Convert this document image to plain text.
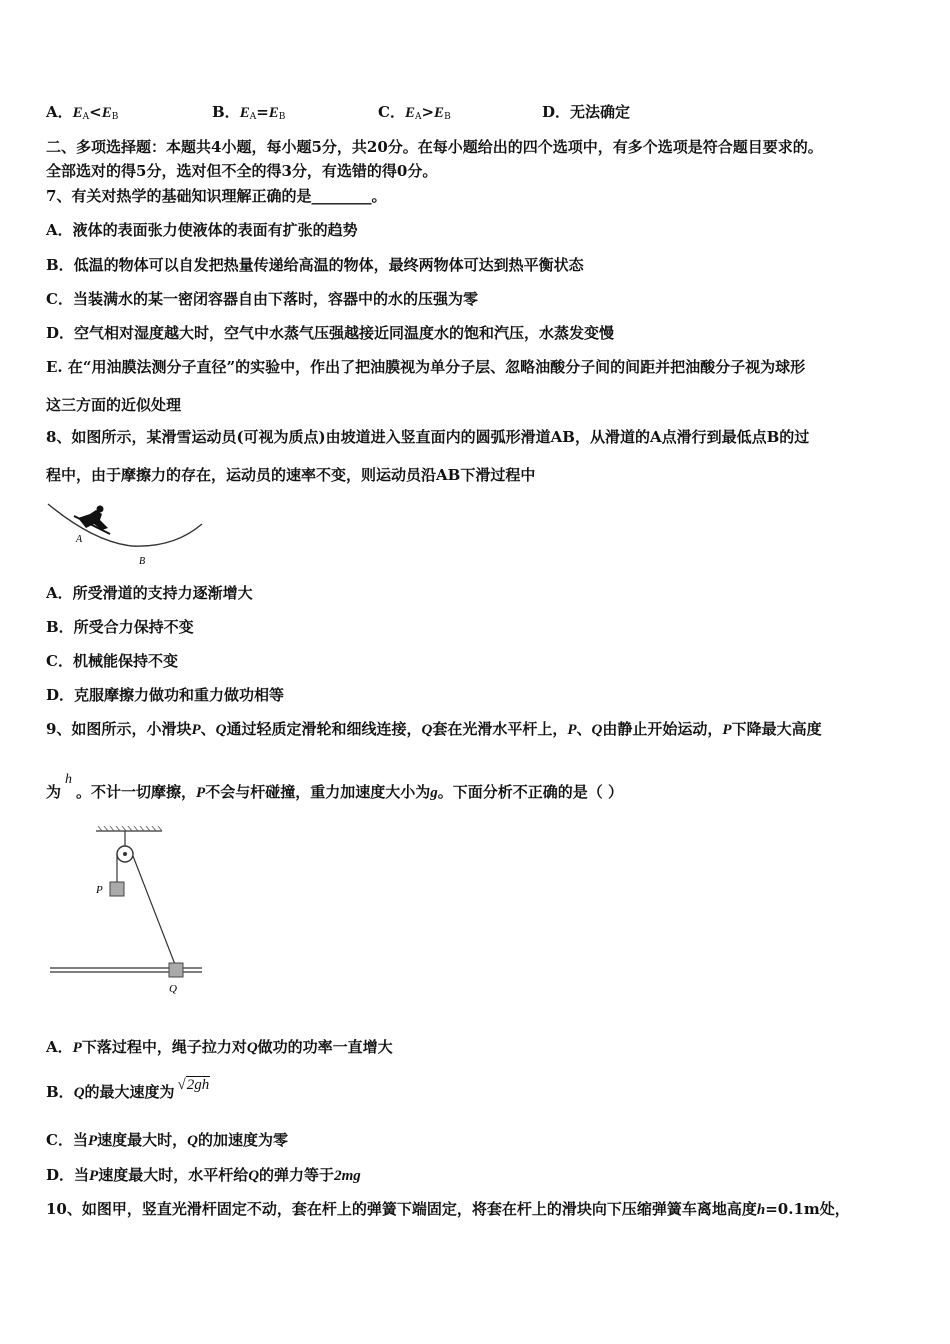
A．$E_A<E_B$	B．$E_A=E_B$	C．$E_A>E_B$	D．无法确定
二、多项选择题：本题共4小题，每小题5分，共20分。在每小题给出的四个选项中，有多个选项是符合题目要求的。
全部选对的得5分，选对但不全的得3分，有选错的得0分。
7、有关对热学的基础知识理解正确的是________。
A．液体的表面张力使液体的表面有扩张的趋势
B．低温的物体可以自发把热量传递给高温的物体，最终两物体可达到热平衡状态
C．当装满水的某一密闭容器自由下落时，容器中的水的压强为零
D．空气相对湿度越大时，空气中水蒸气压强越接近同温度水的饱和汽压，水蒸发变慢
E. 在“用油膜法测分子直径”的实验中，作出了把油膜视为单分子层、忽略油酸分子间的间距并把油酸分子视为球形
这三方面的近似处理
8、如图所示，某滑雪运动员(可视为质点)由坡道进入竖直面内的圆弧形滑道AB，从滑道的A点滑行到最低点B的过
程中，由于摩擦力的存在，运动员的速率不变，则运动员沿AB下滑过程中
A
B
A．所受滑道的支持力逐渐增大
B．所受合力保持不变
C．机械能保持不变
D．克服摩擦力做功和重力做功相等
9、如图所示，小滑块P、Q通过轻质定滑轮和细线连接，Q套在光滑水平杆上，P、Q由静止开始运动，P下降最大高度
为h。不计一切摩擦，P不会与杆碰撞，重力加速度大小为g。下面分析不正确的是（ ）
P
Q
A．P下落过程中，绳子拉力对Q做功的功率一直增大
B．Q的最大速度为 √2gh
C．当P速度最大时，Q的加速度为零
D．当P速度最大时，水平杆给Q的弹力等于2mg
10、如图甲，竖直光滑杆固定不动，套在杆上的弹簧下端固定，将套在杆上的滑块向下压缩弹簧车离地高度h=0.1m处，
